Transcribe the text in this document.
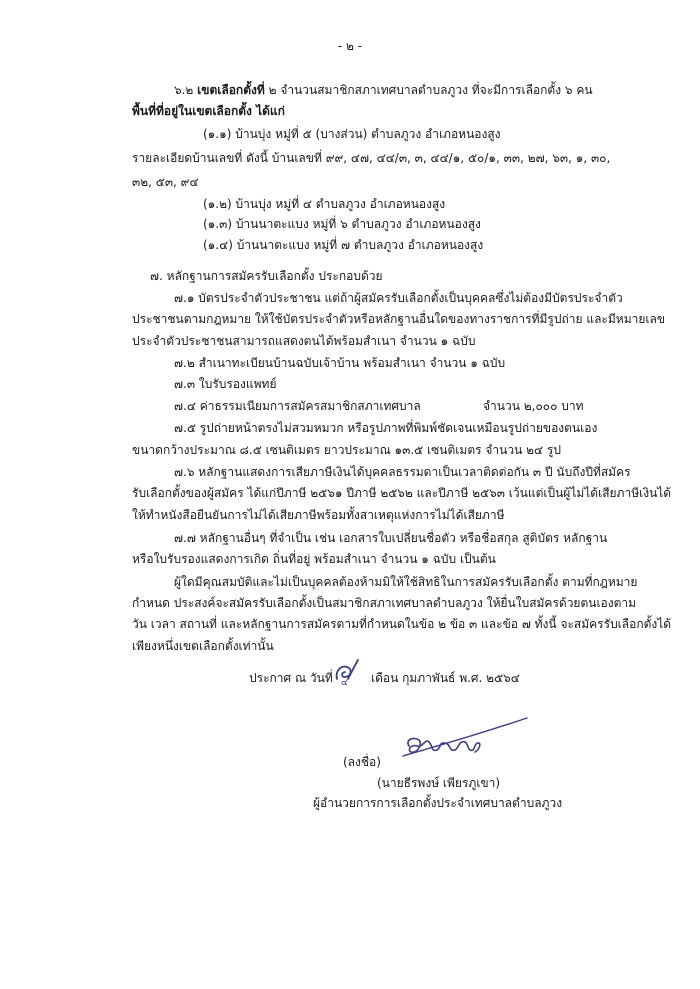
- ๒ -
๖.๒ เขตเลือกตั้งที่ ๒ จำนวนสมาชิกสภาเทศบาลตำบลภูวง ที่จะมีการเลือกตั้ง ๖ คน
พื้นที่ที่อยู่ในเขตเลือกตั้ง ได้แก่
(๑.๑) บ้านบุ่ง หมู่ที่ ๕ (บางส่วน) ตำบลภูวง อำเภอหนองสูง
รายละเอียดบ้านเลขที่ ดังนี้ บ้านเลขที่ ๙๙, ๔๗, ๔๔/๓, ๓, ๔๔/๑, ๕๐/๑, ๓๓, ๒๗, ๖๓, ๑, ๓๐,
๓๒, ๕๓, ๙๔
(๑.๒) บ้านบุ่ง หมู่ที่ ๔ ตำบลภูวง อำเภอหนองสูง
(๑.๓) บ้านนาตะแบง หมู่ที่ ๖ ตำบลภูวง อำเภอหนองสูง
(๑.๔) บ้านนาตะแบง หมู่ที่ ๗ ตำบลภูวง อำเภอหนองสูง
๗. หลักฐานการสมัครรับเลือกตั้ง ประกอบด้วย
๗.๑ บัตรประจำตัวประชาชน แต่ถ้าผู้สมัครรับเลือกตั้งเป็นบุคคลซึ่งไม่ต้องมีบัตรประจำตัว
ประชาชนตามกฎหมาย ให้ใช้บัตรประจำตัวหรือหลักฐานอื่นใดของทางราชการที่มีรูปถ่าย และมีหมายเลข
ประจำตัวประชาชนสามารถแสดงตนได้พร้อมสำเนา จำนวน ๑ ฉบับ
๗.๒ สำเนาทะเบียนบ้านฉบับเจ้าบ้าน พร้อมสำเนา จำนวน ๑ ฉบับ
๗.๓ ใบรับรองแพทย์
๗.๔ ค่าธรรมเนียมการสมัครสมาชิกสภาเทศบาล	จำนวน ๒,๐๐๐ บาท
๗.๕ รูปถ่ายหน้าตรงไม่สวมหมวก หรือรูปภาพที่พิมพ์ชัดเจนเหมือนรูปถ่ายของตนเอง
ขนาดกว้างประมาณ ๘.๕ เซนติเมตร ยาวประมาณ ๑๓.๕ เซนติเมตร จำนวน ๒๔ รูป
๗.๖ หลักฐานแสดงการเสียภาษีเงินได้บุคคลธรรมดาเป็นเวลาติดต่อกัน ๓ ปี นับถึงปีที่สมัคร
รับเลือกตั้งของผู้สมัคร ได้แก่ปีภาษี ๒๕๖๑ ปีภาษี ๒๕๖๒ และปีภาษี ๒๕๖๓ เว้นแต่เป็นผู้ไม่ได้เสียภาษีเงินได้
ให้ทำหนังสือยืนยันการไม่ได้เสียภาษีพร้อมทั้งสาเหตุแห่งการไม่ได้เสียภาษี
๗.๗ หลักฐานอื่นๆ ที่จำเป็น เช่น เอกสารใบเปลี่ยนชื่อตัว หรือชื่อสกุล สูติบัตร หลักฐาน
หรือใบรับรองแสดงการเกิด ถิ่นที่อยู่ พร้อมสำเนา จำนวน ๑ ฉบับ เป็นต้น
ผู้ใดมีคุณสมบัติและไม่เป็นบุคคลต้องห้ามมิให้ใช้สิทธิในการสมัครรับเลือกตั้ง ตามที่กฎหมาย
กำหนด ประสงค์จะสมัครรับเลือกตั้งเป็นสมาชิกสภาเทศบาลตำบลภูวง ให้ยื่นใบสมัครด้วยตนเองตาม
วัน เวลา สถานที่ และหลักฐานการสมัครตามที่กำหนดในข้อ ๒ ข้อ ๓ และข้อ ๗ ทั้งนี้ จะสมัครรับเลือกตั้งได้
เพียงหนึ่งเขตเลือกตั้งเท่านั้น
ประกาศ ณ วันที่ ๔ เดือน กุมภาพันธ์ พ.ศ. ๒๕๖๔
(ลงชื่อ)
(นายธีรพงษ์ เพียรภูเขา)
ผู้อำนวยการการเลือกตั้งประจำเทศบาลตำบลภูวง
